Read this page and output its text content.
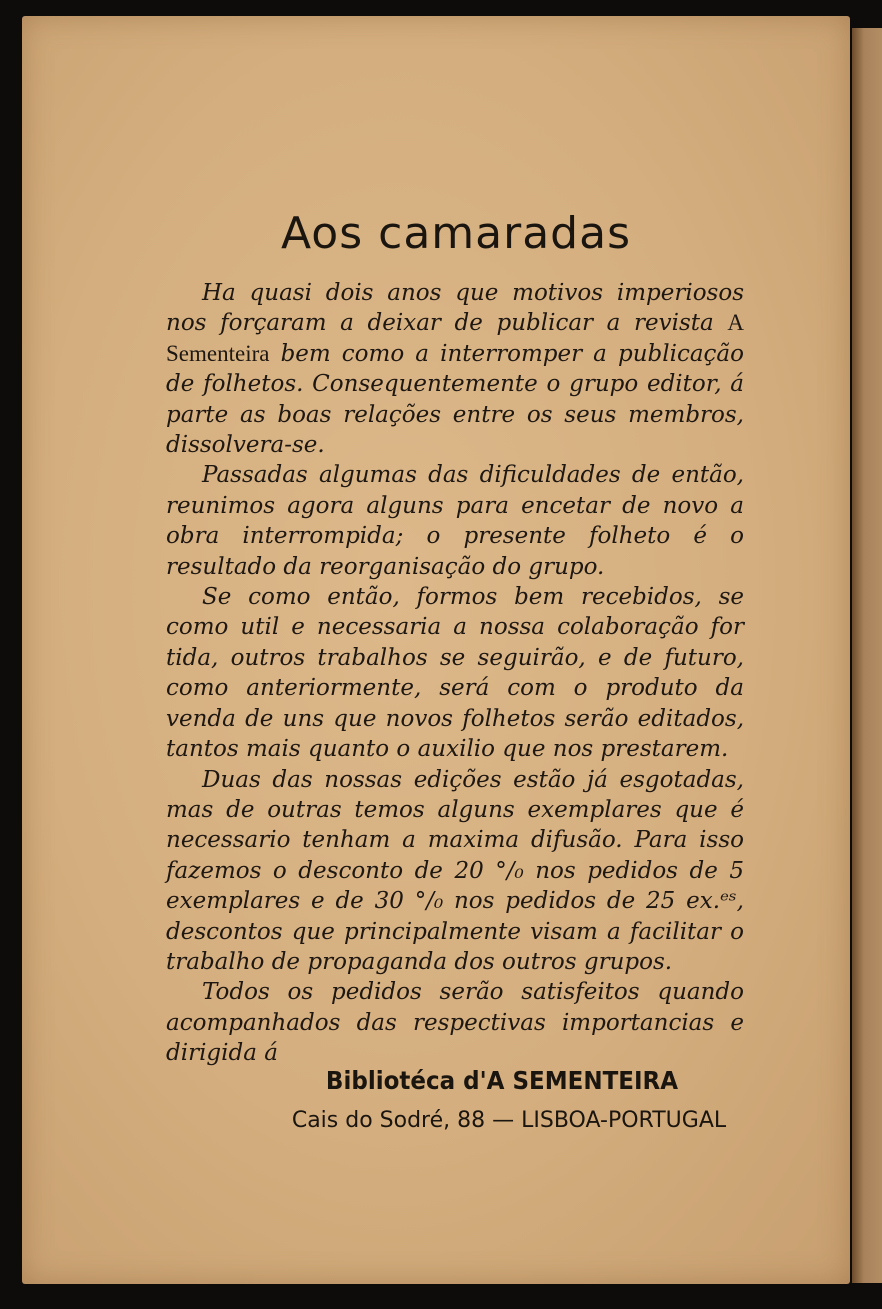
Aos camaradas

Ha quasi dois anos que motivos imperiosos nos forçaram a deixar de publicar a revista A Sementeira bem como a interromper a publicação de folhetos. Consequentemente o grupo editor, á parte as boas relações entre os seus membros, dissolvera-se.

Passadas algumas das dificuldades de então, reunimos agora alguns para encetar de novo a obra interrompida; o presente folheto é o resultado da reorganisação do grupo.

Se como então, formos bem recebidos, se como util e necessaria a nossa colaboração for tida, outros trabalhos se seguirão, e de futuro, como anteriormente, será com o produto da venda de uns que novos folhetos serão editados, tantos mais quanto o auxilio que nos prestarem.

Duas das nossas edições estão já esgotadas, mas de outras temos alguns exemplares que é necessario tenham a maxima difusão. Para isso fazemos o desconto de 20 °/₀ nos pedidos de 5 exemplares e de 30 °/₀ nos pedidos de 25 ex.ᵉˢ, descontos que principalmente visam a facilitar o trabalho de propaganda dos outros grupos.

Todos os pedidos serão satisfeitos quando acompanhados das respectivas importancias e dirigida á

Bibliotéca d'A SEMENTEIRA
Cais do Sodré, 88 — LISBOA-PORTUGAL
